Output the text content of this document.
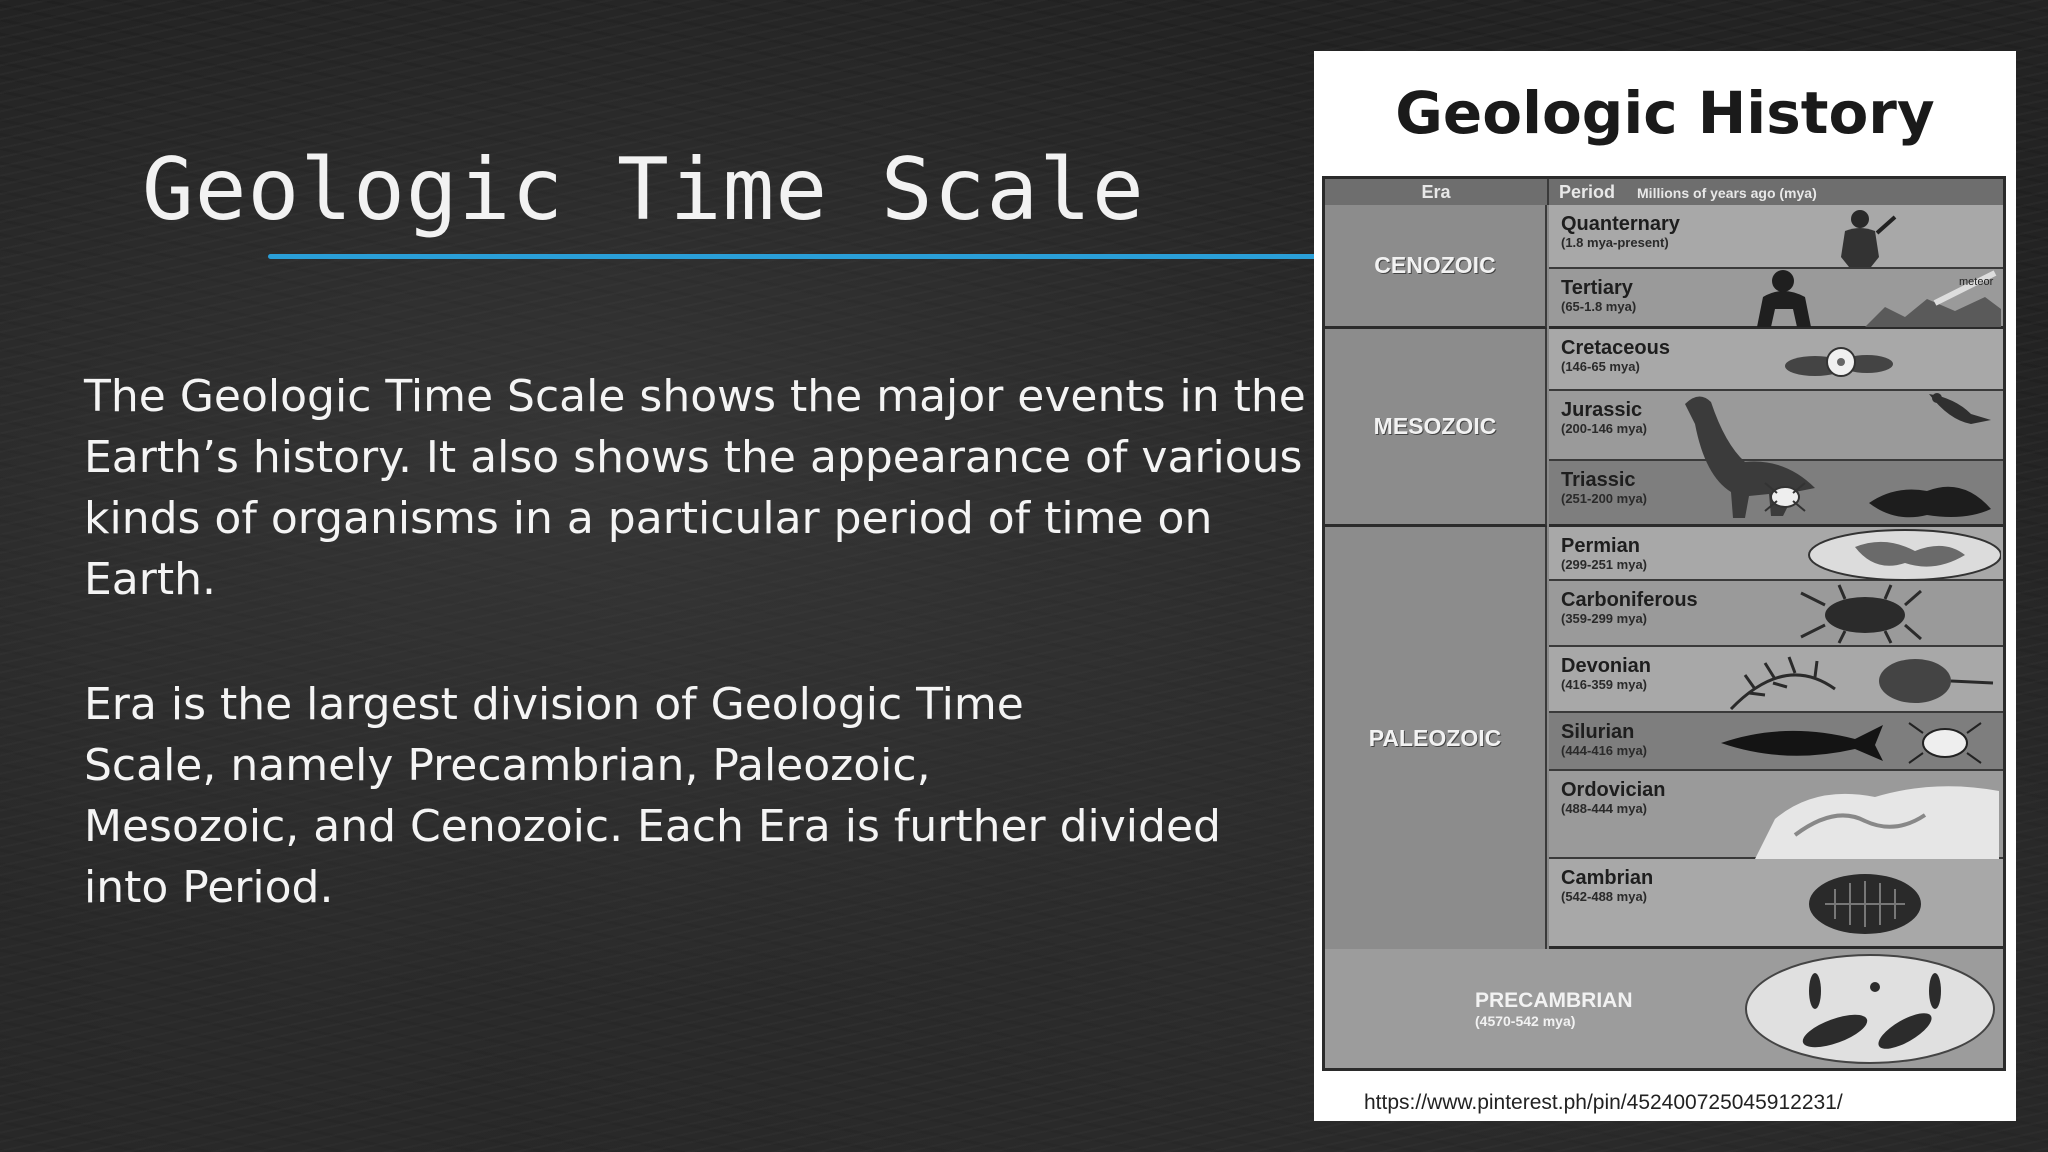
Geologic Time Scale

The Geologic Time Scale shows the major events in the
Earth’s history. It also shows the appearance of various
kinds of organisms in a particular period of time on
Earth.

Era is the largest division of Geologic Time
Scale, namely Precambrian, Paleozoic,
Mesozoic, and Cenozoic. Each Era is further divided
into Period.

Geologic History
Era	Period Millions of years ago (mya)
CENOZOIC
MESOZOIC
PALEOZOIC
Quanternary
(1.8 mya-present)
Tertiary
(65-1.8 mya)
Cretaceous
(146-65 mya)
Jurassic
(200-146 mya)
Triassic
(251-200 mya)
Permian
(299-251 mya)
Carboniferous
(359-299 mya)
Devonian
(416-359 mya)
Silurian
(444-416 mya)
Ordovician
(488-444 mya)
Cambrian
(542-488 mya)
PRECAMBRIAN
(4570-542 mya)
meteor
https://www.pinterest.ph/pin/452400725045912231/
